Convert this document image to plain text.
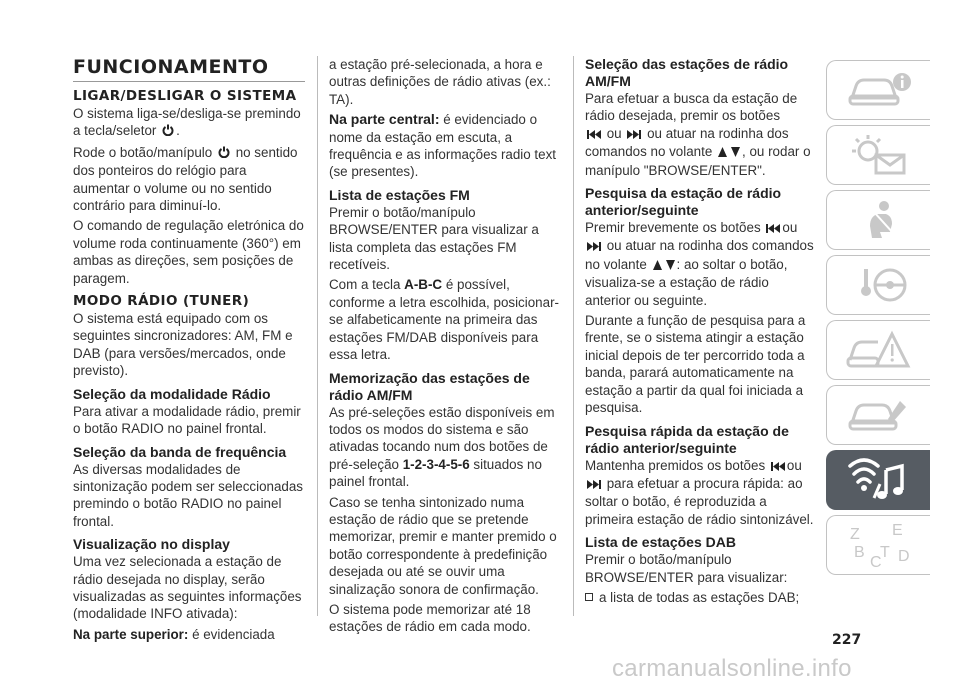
FUNCIONAMENTO
LIGAR/DESLIGAR O SISTEMA

O sistema liga-se/desliga-se premindo a tecla/seletor .

Rode o botão/manípulo no sentido dos ponteiros do relógio para aumentar o volume ou no sentido contrário para diminuí-lo.

O comando de regulação eletrónica do volume roda continuamente (360°) em ambas as direções, sem posições de paragem.

MODO RÁDIO (TUNER)

O sistema está equipado com os seguintes sincronizadores: AM, FM e DAB (para versões/mercados, onde previsto).

Seleção da modalidade Rádio

Para ativar a modalidade rádio, premir o botão RADIO no painel frontal.

Seleção da banda de frequência

As diversas modalidades de sintonização podem ser seleccionadas premindo o botão RADIO no painel frontal.

Visualização no display

Uma vez selecionada a estação de rádio desejada no display, serão visualizadas as seguintes informações (modalidade INFO ativada):

Na parte superior: é evidenciada

a estação pré-selecionada, a hora e outras definições de rádio ativas (ex.: TA).

Na parte central: é evidenciado o nome da estação em escuta, a frequência e as informações radio text (se presentes).

Lista de estações FM

Premir o botão/manípulo BROWSE/ENTER para visualizar a lista completa das estações FM recetíveis.

Com a tecla A-B-C é possível, conforme a letra escolhida, posicionar-se alfabeticamente na primeira das estações FM/DAB disponíveis para essa letra.

Memorização das estações de rádio AM/FM

As pré-seleções estão disponíveis em todos os modos do sistema e são ativadas tocando num dos botões de pré-seleção 1-2-3-4-5-6 situados no painel frontal.

Caso se tenha sintonizado numa estação de rádio que se pretende memorizar, premir e manter premido o botão correspondente à predefinição desejada ou até se ouvir uma sinalização sonora de confirmação.

O sistema pode memorizar até 18 estações de rádio em cada modo.

Seleção das estações de rádio AM/FM

Para efetuar a busca da estação de rádio desejada, premir os botões
ou ou atuar na rodinha dos comandos no volante , ou rodar o manípulo "BROWSE/ENTER".

Pesquisa da estação de rádio anterior/seguinte

Premir brevemente os botões ou
ou atuar na rodinha dos comandos no volante : ao soltar o botão, visualiza-se a estação de rádio anterior ou seguinte.

Durante a função de pesquisa para a frente, se o sistema atingir a estação inicial depois de ter percorrido toda a banda, parará automaticamente na estação a partir da qual foi iniciada a pesquisa.

Pesquisa rápida da estação de rádio anterior/seguinte

Mantenha premidos os botões ou
para efetuar a procura rápida: ao soltar o botão, é reproduzida a primeira estação de rádio sintonizável.

Lista de estações DAB

Premir o botão/manípulo BROWSE/ENTER para visualizar:

a lista de todas as estações DAB;
Z E
B
C
T D
227
carmanualsonline.info
